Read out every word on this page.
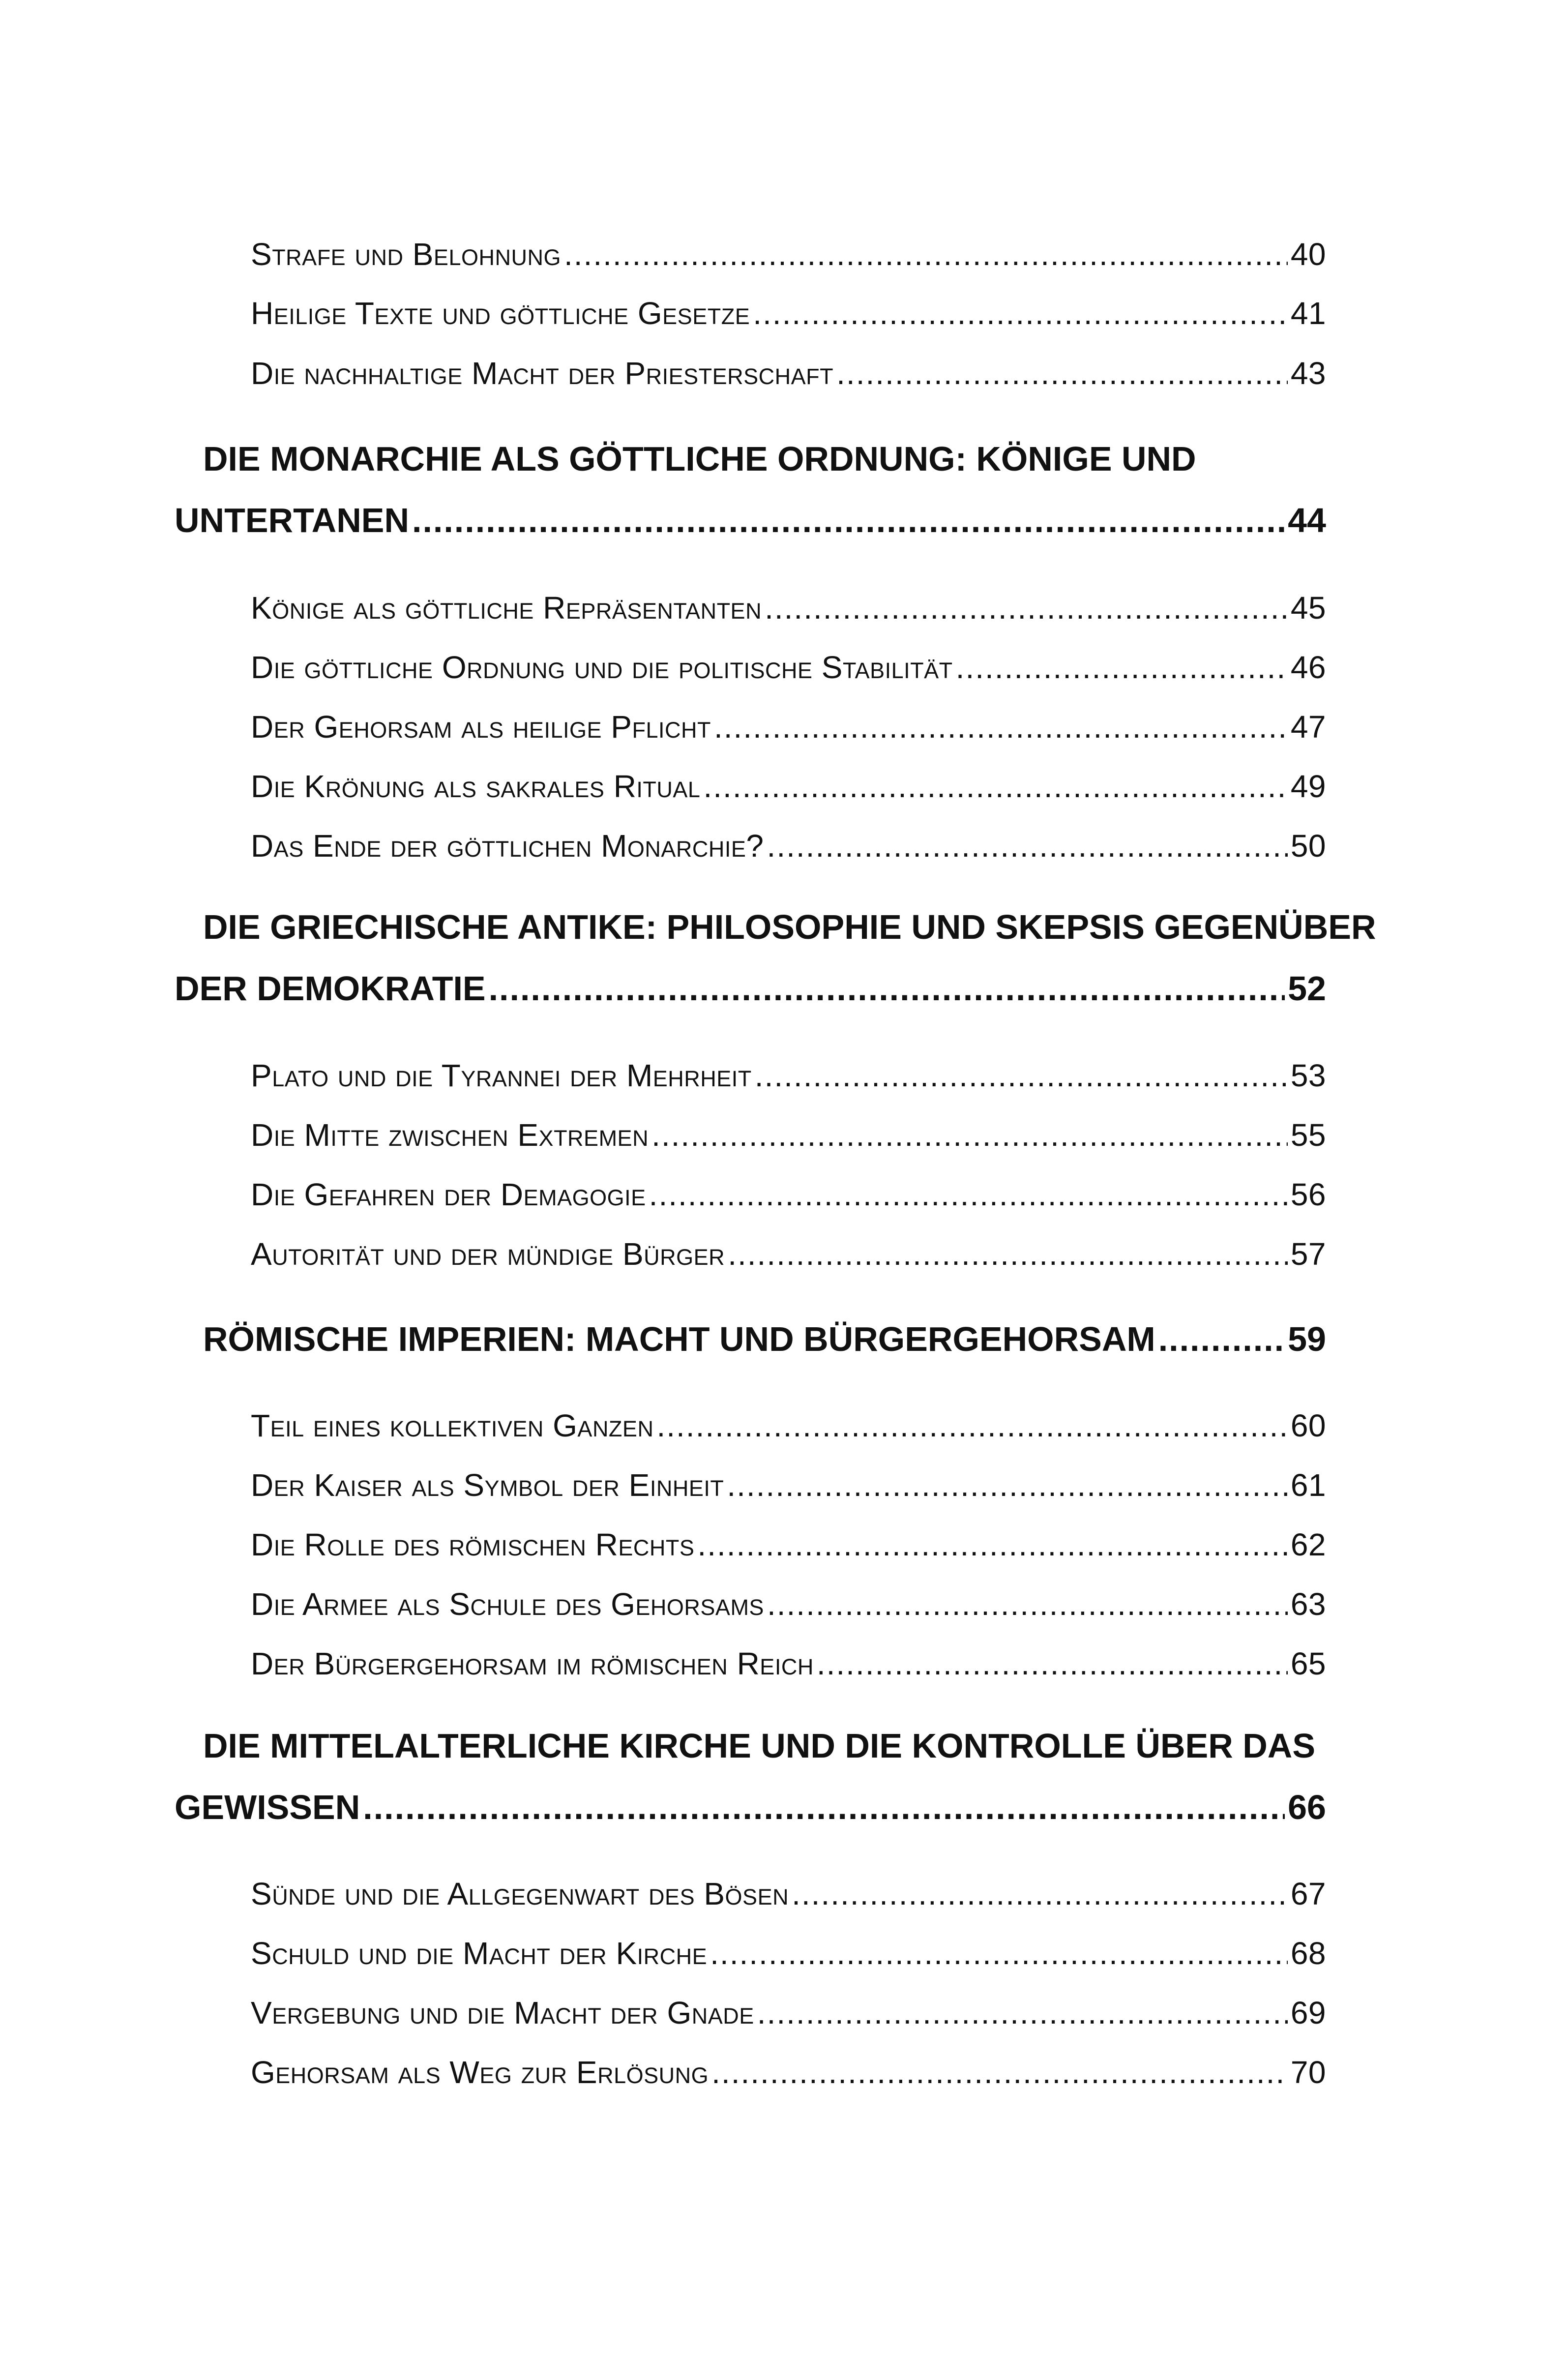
Strafe und Belohnung .....	40
Heilige Texte und göttliche Gesetze .....	41
Die nachhaltige Macht der Priesterschaft .....	43
DIE MONARCHIE ALS GÖTTLICHE ORDNUNG: KÖNIGE UND
UNTERTANEN .....	44
Könige als göttliche Repräsentanten .....	45
Die göttliche Ordnung und die politische Stabilität .....	46
Der Gehorsam als heilige Pflicht .....	47
Die Krönung als sakrales Ritual .....	49
Das Ende der göttlichen Monarchie? .....	50
DIE GRIECHISCHE ANTIKE: PHILOSOPHIE UND SKEPSIS GEGENÜBER
DER DEMOKRATIE .....	52
Plato und die Tyrannei der Mehrheit .....	53
Die Mitte zwischen Extremen .....	55
Die Gefahren der Demagogie .....	56
Autorität und der mündige Bürger .....	57
RÖMISCHE IMPERIEN: MACHT UND BÜRGERGEHORSAM .....	59
Teil eines kollektiven Ganzen .....	60
Der Kaiser als Symbol der Einheit .....	61
Die Rolle des römischen Rechts .....	62
Die Armee als Schule des Gehorsams .....	63
Der Bürgergehorsam im römischen Reich .....	65
DIE MITTELALTERLICHE KIRCHE UND DIE KONTROLLE ÜBER DAS
GEWISSEN .....	66
Sünde und die Allgegenwart des Bösen .....	67
Schuld und die Macht der Kirche .....	68
Vergebung und die Macht der Gnade .....	69
Gehorsam als Weg zur Erlösung .....	70
